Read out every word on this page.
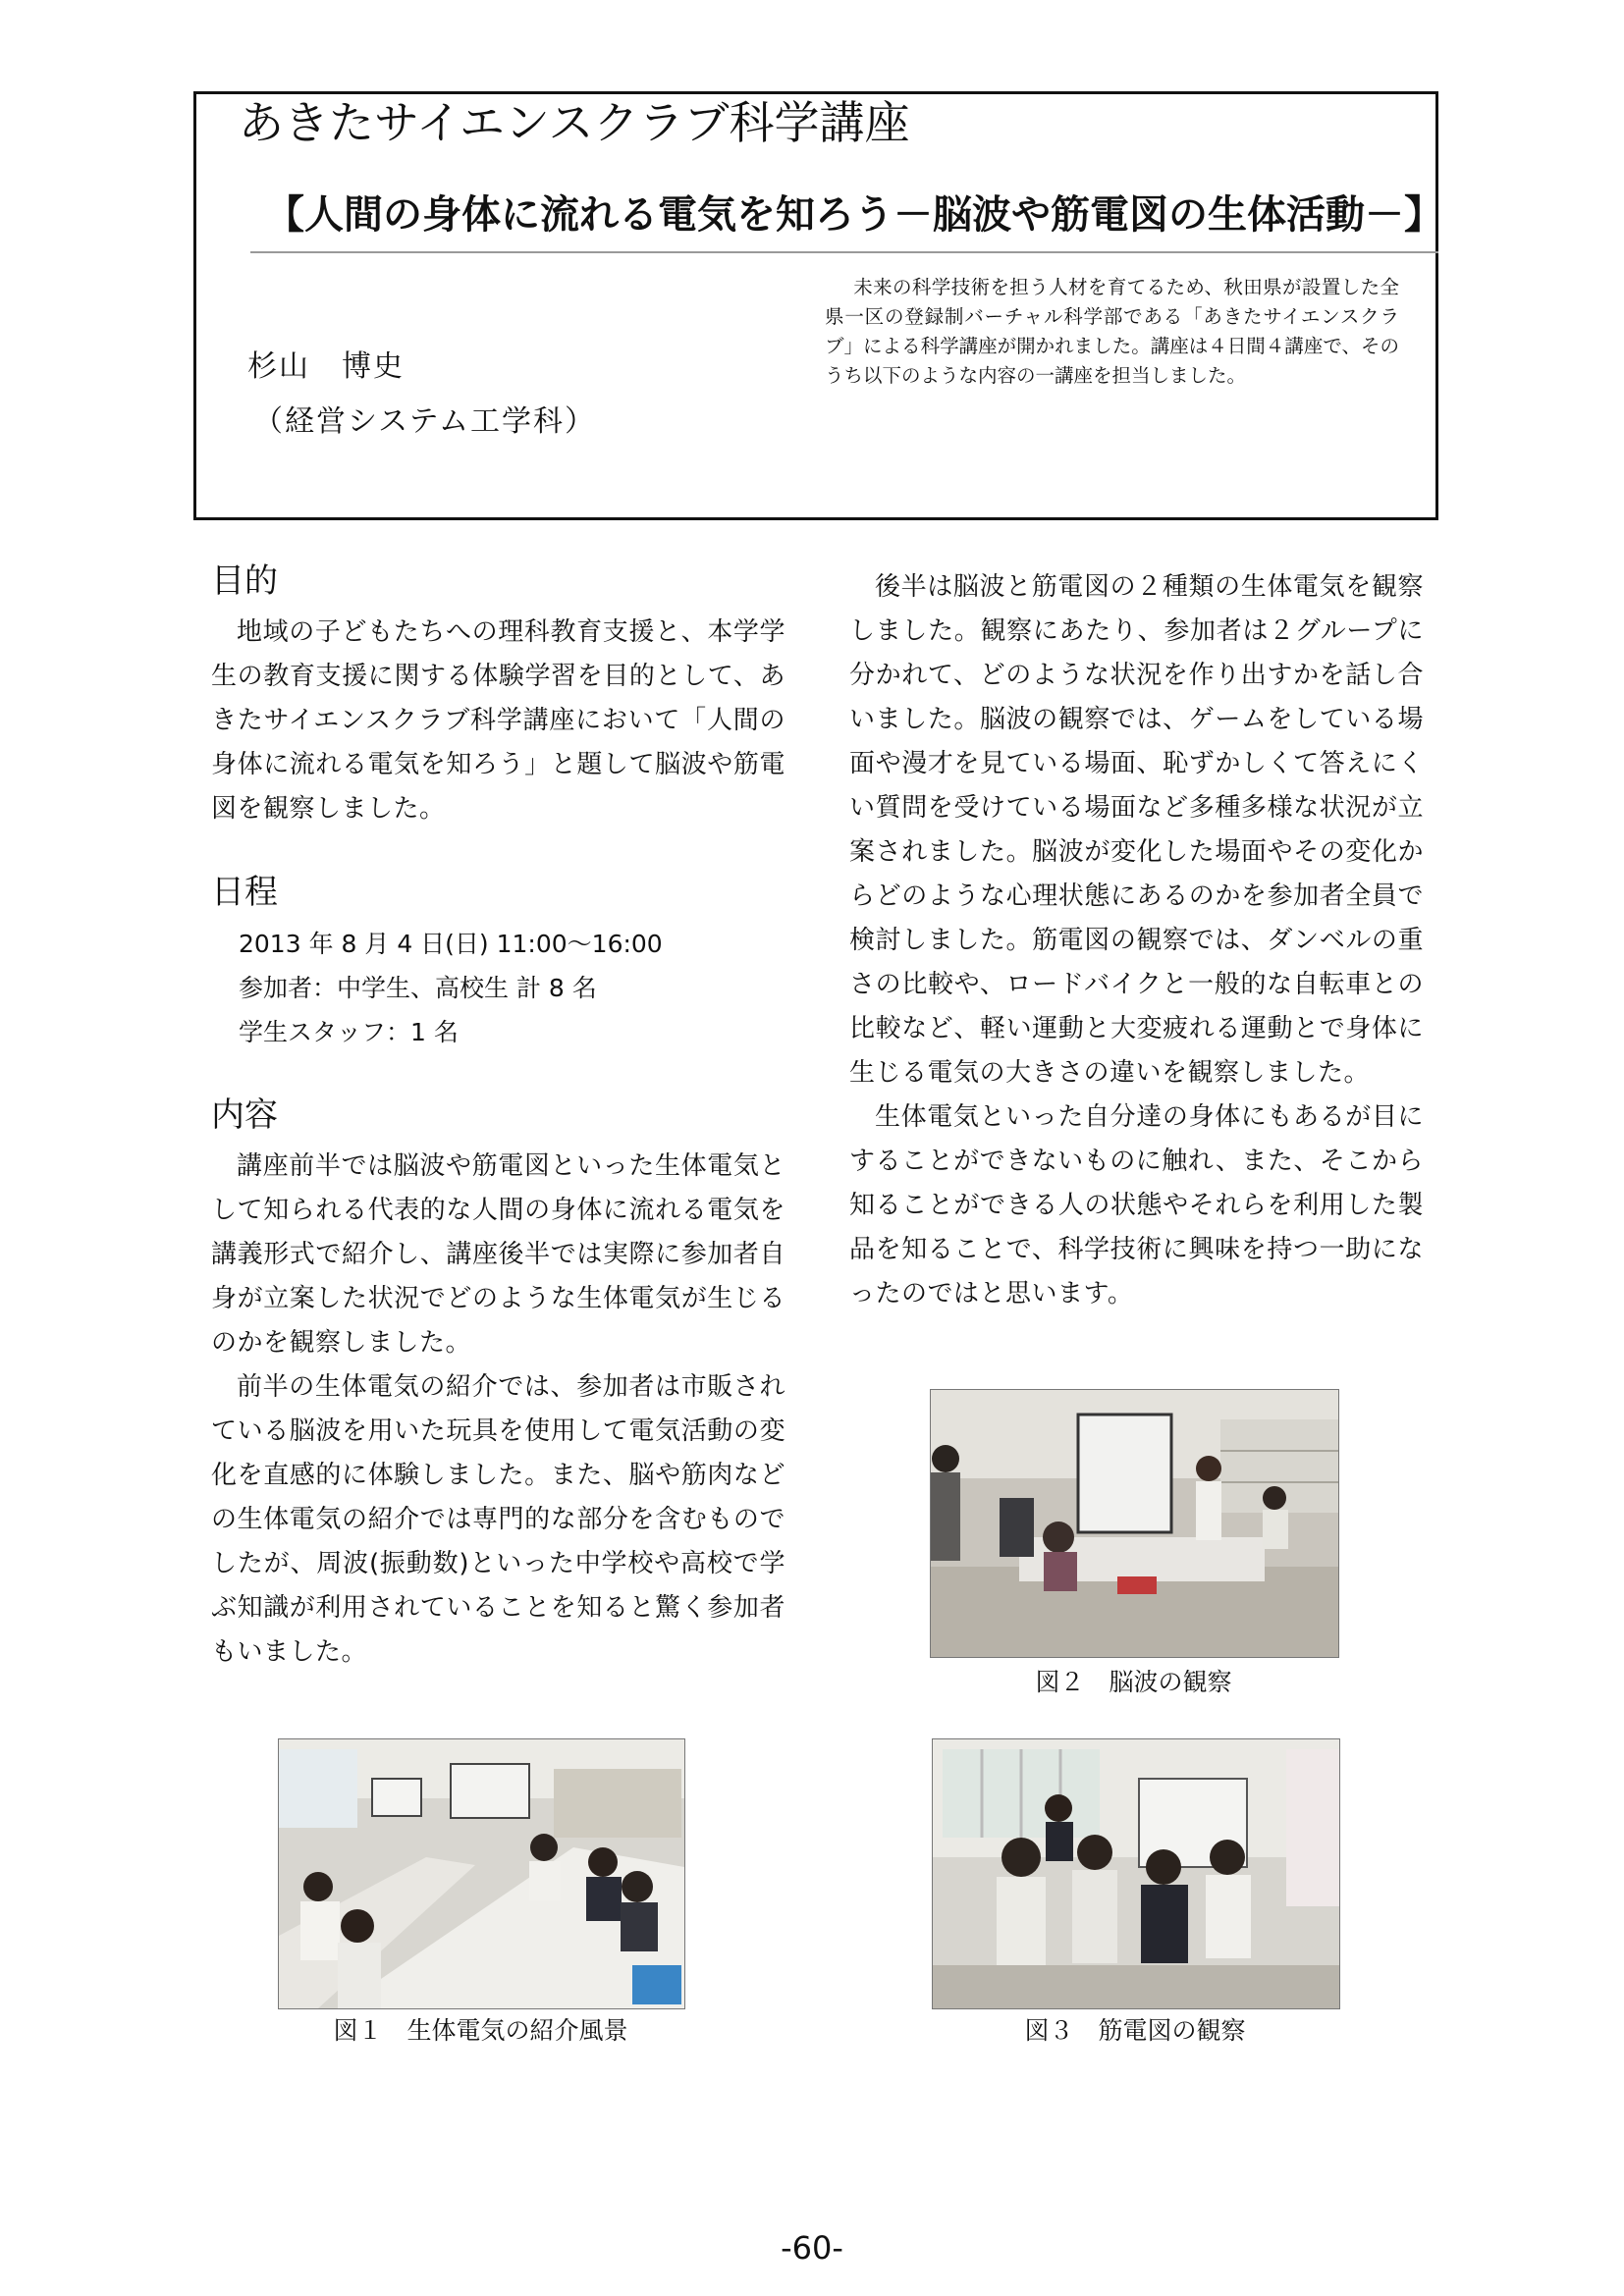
あきたサイエンスクラブ科学講座
【人間の身体に流れる電気を知ろう－脳波や筋電図の生体活動－】
杉山　博史
（経営システム工学科）
未来の科学技術を担う人材を育てるため、秋田県が設置した全県一区の登録制バーチャル科学部である「あきたサイエンスクラブ」による科学講座が開かれました。講座は４日間４講座で、そのうち以下のような内容の一講座を担当しました。
目的

地域の子どもたちへの理科教育支援と、本学学生の教育支援に関する体験学習を目的として、あきたサイエンスクラブ科学講座において「人間の身体に流れる電気を知ろう」と題して脳波や筋電図を観察しました。

日程

2013 年 8 月 4 日(日) 11:00～16:00

参加者：中学生、高校生 計 8 名

学生スタッフ：1 名

内容

講座前半では脳波や筋電図といった生体電気として知られる代表的な人間の身体に流れる電気を講義形式で紹介し、講座後半では実際に参加者自身が立案した状況でどのような生体電気が生じるのかを観察しました。

前半の生体電気の紹介では、参加者は市販されている脳波を用いた玩具を使用して電気活動の変化を直感的に体験しました。また、脳や筋肉などの生体電気の紹介では専門的な部分を含むものでしたが、周波(振動数)といった中学校や高校で学ぶ知識が利用されていることを知ると驚く参加者もいました。

後半は脳波と筋電図の２種類の生体電気を観察しました。観察にあたり、参加者は２グループに分かれて、どのような状況を作り出すかを話し合いました。脳波の観察では、ゲームをしている場面や漫才を見ている場面、恥ずかしくて答えにくい質問を受けている場面など多種多様な状況が立案されました。脳波が変化した場面やその変化からどのような心理状態にあるのかを参加者全員で検討しました。筋電図の観察では、ダンベルの重さの比較や、ロードバイクと一般的な自転車との比較など、軽い運動と大変疲れる運動とで身体に生じる電気の大きさの違いを観察しました。

生体電気といった自分達の身体にもあるが目にすることができないものに触れ、また、そこから知ることができる人の状態やそれらを利用した製品を知ることで、科学技術に興味を持つ一助になったのではと思います。

図２　脳波の観察
図１　生体電気の紹介風景	図３　筋電図の観察
-60-
